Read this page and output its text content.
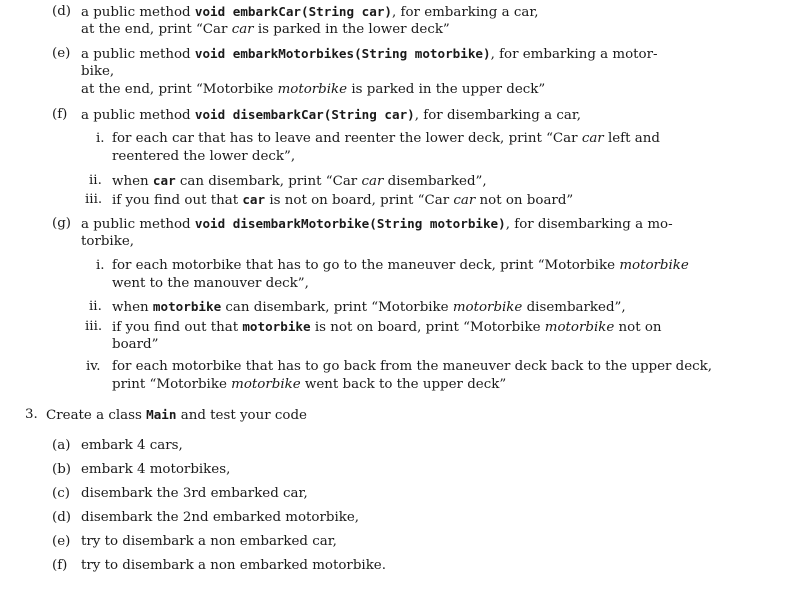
(d) a public method void embarkCar(String car), for embarking a car,
at the end, print “Car car is parked in the lower deck”
(e) a public method void embarkMotorbikes(String motorbike), for embarking a motor-
bike,
at the end, print “Motorbike motorbike is parked in the upper deck”
(f) a public method void disembarkCar(String car), for disembarking a car,
i. for each car that has to leave and reenter the lower deck, print “Car car left and
reentered the lower deck”,
ii. when car can disembark, print “Car car disembarked”,
iii. if you find out that car is not on board, print “Car car not on board”
(g) a public method void disembarkMotorbike(String motorbike), for disembarking a mo-
torbike,
i. for each motorbike that has to go to the maneuver deck, print “Motorbike motorbike
went to the manouver deck”,
ii. when motorbike can disembark, print “Motorbike motorbike disembarked”,
iii. if you find out that motorbike is not on board, print “Motorbike motorbike not on
board”
iv. for each motorbike that has to go back from the maneuver deck back to the upper deck,
print “Motorbike motorbike went back to the upper deck”
3. Create a class Main and test your code
(a) embark 4 cars,
(b) embark 4 motorbikes,
(c) disembark the 3rd embarked car,
(d) disembark the 2nd embarked motorbike,
(e) try to disembark a non embarked car,
(f) try to disembark a non embarked motorbike.
